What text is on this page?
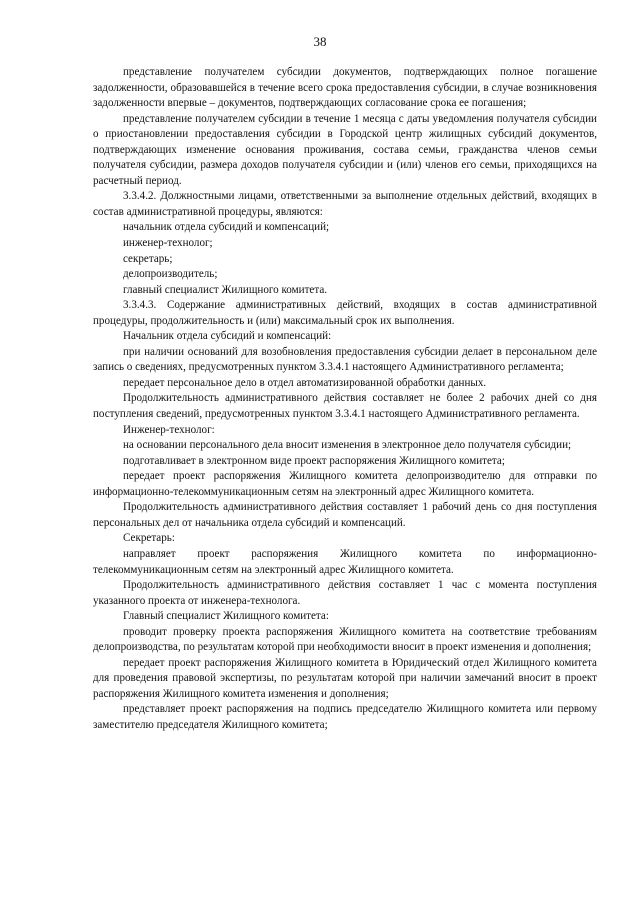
38

представление получателем субсидии документов, подтверждающих полное погашение задолженности, образовавшейся в течение всего срока предоставления субсидии, в случае возникновения задолженности впервые – документов, подтверждающих согласование срока ее погашения;

представление получателем субсидии в течение 1 месяца с даты уведомления получателя субсидии о приостановлении предоставления субсидии в Городской центр жилищных субсидий документов, подтверждающих изменение основания проживания, состава семьи, гражданства членов семьи получателя субсидии, размера доходов получателя субсидии и (или) членов его семьи, приходящихся на расчетный период.

3.3.4.2. Должностными лицами, ответственными за выполнение отдельных действий, входящих в состав административной процедуры, являются:

начальник отдела субсидий и компенсаций;

инженер-технолог;

секретарь;

делопроизводитель;

главный специалист Жилищного комитета.

3.3.4.3. Содержание административных действий, входящих в состав административной процедуры, продолжительность и (или) максимальный срок их выполнения.

Начальник отдела субсидий и компенсаций:

при наличии оснований для возобновления предоставления субсидии делает в персональном деле запись о сведениях, предусмотренных пунктом 3.3.4.1 настоящего Административного регламента;

передает персональное дело в отдел автоматизированной обработки данных.

Продолжительность административного действия составляет не более 2 рабочих дней со дня поступления сведений, предусмотренных пунктом 3.3.4.1 настоящего Административного регламента.

Инженер-технолог:

на основании персонального дела вносит изменения в электронное дело получателя субсидии;

подготавливает в электронном виде проект распоряжения Жилищного комитета;

передает проект распоряжения Жилищного комитета делопроизводителю для отправки по информационно-телекоммуникационным сетям на электронный адрес Жилищного комитета.

Продолжительность административного действия составляет 1 рабочий день со дня поступления персональных дел от начальника отдела субсидий и компенсаций.

Секретарь:

направляет проект распоряжения Жилищного комитета по информационно-телекоммуникационным сетям на электронный адрес Жилищного комитета.

Продолжительность административного действия составляет 1 час с момента поступления указанного проекта от инженера-технолога.

Главный специалист Жилищного комитета:

проводит проверку проекта распоряжения Жилищного комитета на соответствие требованиям делопроизводства, по результатам которой при необходимости вносит в проект изменения и дополнения;

передает проект распоряжения Жилищного комитета в Юридический отдел Жилищного комитета для проведения правовой экспертизы, по результатам которой при наличии замечаний вносит в проект распоряжения Жилищного комитета изменения и дополнения;

представляет проект распоряжения на подпись председателю Жилищного комитета или первому заместителю председателя Жилищного комитета;
